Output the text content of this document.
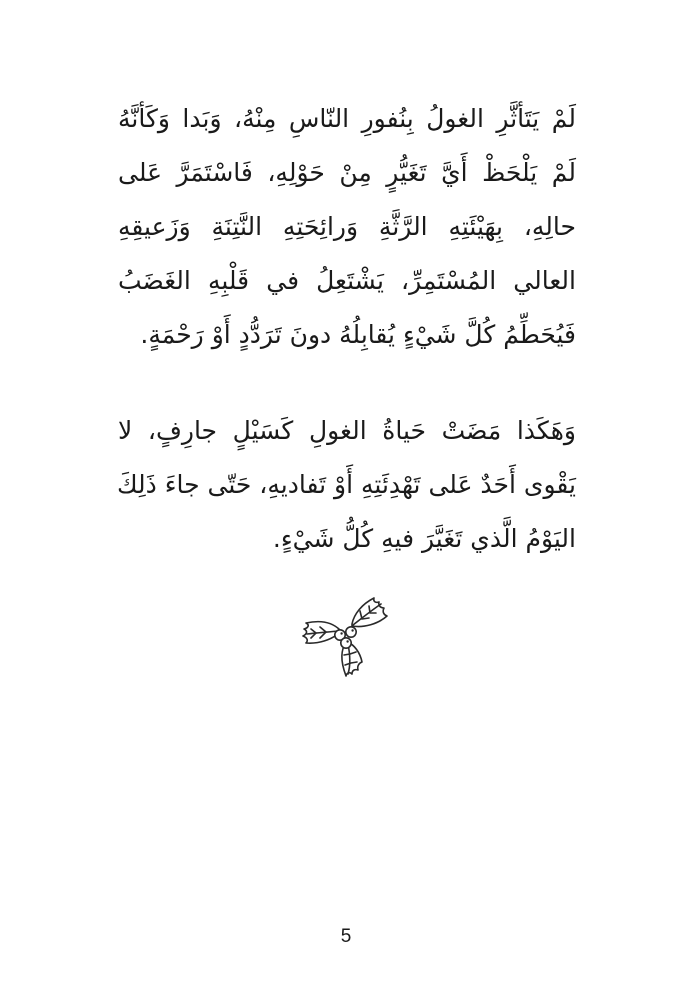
لَمْ يَتَأثَّرِ الغولُ بِنُفورِ النّاسِ مِنْهُ، وَبَدا وَكَأنَّهُ
لَمْ يَلْحَظْ أَيَّ تَغَيُّرٍ مِنْ حَوْلِهِ، فَاسْتَمَرَّ عَلى
حالِهِ، بِهَيْئَتِهِ الرَّثَّةِ وَرائِحَتِهِ النَّتِنَةِ وَزَعيقِهِ
العالي المُسْتَمِرِّ، يَشْتَعِلُ في قَلْبِهِ الغَضَبُ
فَيُحَطِّمُ كُلَّ شَيْءٍ يُقابِلُهُ دونَ تَرَدُّدٍ أَوْ رَحْمَةٍ.
وَهَكَذا مَضَتْ حَياةُ الغولِ كَسَيْلٍ جارِفٍ، لا
يَقْوى أَحَدٌ عَلى تَهْدِئَتِهِ أَوْ تَفاديهِ، حَتّى جاءَ ذَلِكَ
اليَوْمُ الَّذي تَغَيَّرَ فيهِ كُلُّ شَيْءٍ.
5
